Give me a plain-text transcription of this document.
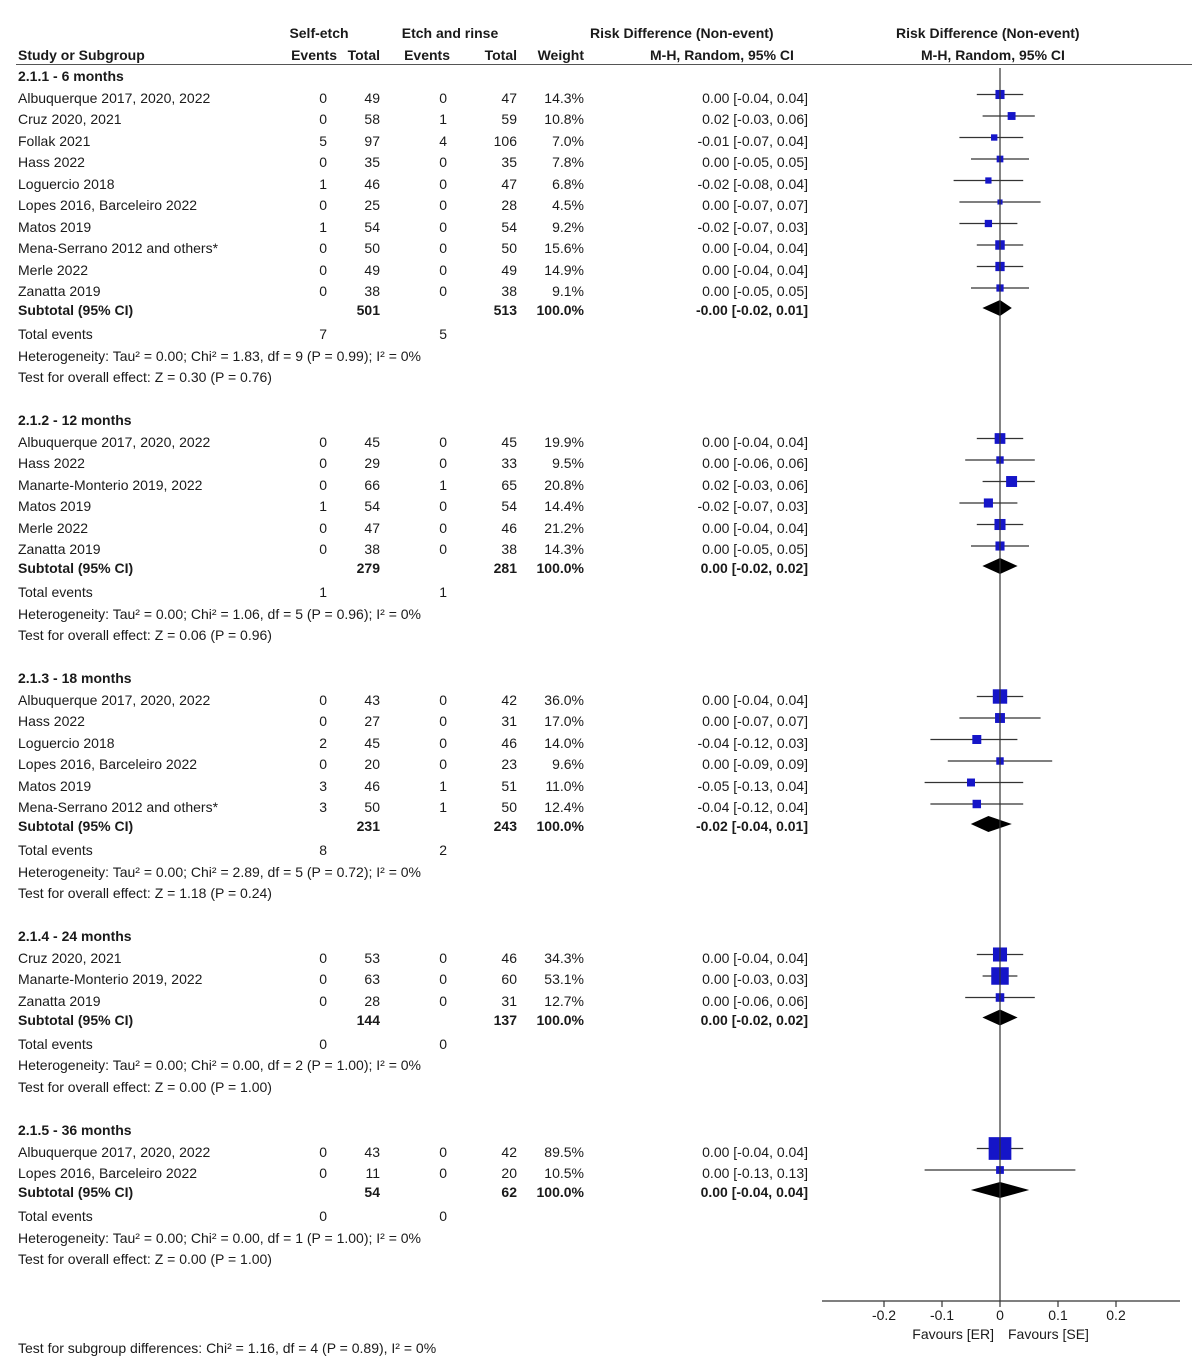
Self-etch	Etch and rinse	Risk Difference (Non-event)	Risk Difference (Non-event)
Study or Subgroup	Events Total	Events	Total	Weight	M-H, Random, 95% CI	M-H, Random, 95% CI
2.1.1 - 6 months
Albuquerque 2017, 2020, 2022	0	49	0	47	14.3%	0.00 [-0.04, 0.04]
Cruz 2020, 2021	0	58	1	59	10.8%	0.02 [-0.03, 0.06]
Follak 2021	5	97	4	106	7.0%	-0.01 [-0.07, 0.04]
Hass 2022	0	35	0	35	7.8%	0.00 [-0.05, 0.05]
Loguercio 2018	1	46	0	47	6.8%	-0.02 [-0.08, 0.04]
Lopes 2016, Barceleiro 2022	0	25	0	28	4.5%	0.00 [-0.07, 0.07]
Matos 2019	1	54	0	54	9.2%	-0.02 [-0.07, 0.03]
Mena-Serrano 2012 and others*	0	50	0	50	15.6%	0.00 [-0.04, 0.04]
Merle 2022	0	49	0	49	14.9%	0.00 [-0.04, 0.04]
Zanatta 2019	0	38	0	38	9.1%	0.00 [-0.05, 0.05]
Subtotal (95% CI)	501	513	100.0%	-0.00 [-0.02, 0.01]
Total events	7	5
Heterogeneity: Tau² = 0.00; Chi² = 1.83, df = 9 (P = 0.99); I² = 0%
Test for overall effect: Z = 0.30 (P = 0.76)
2.1.2 - 12 months
Albuquerque 2017, 2020, 2022	0	45	0	45	19.9%	0.00 [-0.04, 0.04]
Hass 2022	0	29	0	33	9.5%	0.00 [-0.06, 0.06]
Manarte-Monterio 2019, 2022	0	66	1	65	20.8%	0.02 [-0.03, 0.06]
Matos 2019	1	54	0	54	14.4%	-0.02 [-0.07, 0.03]
Merle 2022	0	47	0	46	21.2%	0.00 [-0.04, 0.04]
Zanatta 2019	0	38	0	38	14.3%	0.00 [-0.05, 0.05]
Subtotal (95% CI)	279	281	100.0%	0.00 [-0.02, 0.02]
Total events	1	1
Heterogeneity: Tau² = 0.00; Chi² = 1.06, df = 5 (P = 0.96); I² = 0%
Test for overall effect: Z = 0.06 (P = 0.96)
2.1.3 - 18 months
Albuquerque 2017, 2020, 2022	0	43	0	42	36.0%	0.00 [-0.04, 0.04]
Hass 2022	0	27	0	31	17.0%	0.00 [-0.07, 0.07]
Loguercio 2018	2	45	0	46	14.0%	-0.04 [-0.12, 0.03]
Lopes 2016, Barceleiro 2022	0	20	0	23	9.6%	0.00 [-0.09, 0.09]
Matos 2019	3	46	1	51	11.0%	-0.05 [-0.13, 0.04]
Mena-Serrano 2012 and others*	3	50	1	50	12.4%	-0.04 [-0.12, 0.04]
Subtotal (95% CI)	231	243	100.0%	-0.02 [-0.04, 0.01]
Total events	8	2
Heterogeneity: Tau² = 0.00; Chi² = 2.89, df = 5 (P = 0.72); I² = 0%
Test for overall effect: Z = 1.18 (P = 0.24)
2.1.4 - 24 months
Cruz 2020, 2021	0	53	0	46	34.3%	0.00 [-0.04, 0.04]
Manarte-Monterio 2019, 2022	0	63	0	60	53.1%	0.00 [-0.03, 0.03]
Zanatta 2019	0	28	0	31	12.7%	0.00 [-0.06, 0.06]
Subtotal (95% CI)	144	137	100.0%	0.00 [-0.02, 0.02]
Total events	0	0
Heterogeneity: Tau² = 0.00; Chi² = 0.00, df = 2 (P = 1.00); I² = 0%
Test for overall effect: Z = 0.00 (P = 1.00)
2.1.5 - 36 months
Albuquerque 2017, 2020, 2022	0	43	0	42	89.5%	0.00 [-0.04, 0.04]
Lopes 2016, Barceleiro 2022	0	11	0	20	10.5%	0.00 [-0.13, 0.13]
Subtotal (95% CI)	54	62	100.0%	0.00 [-0.04, 0.04]
Total events	0	0
Heterogeneity: Tau² = 0.00; Chi² = 0.00, df = 1 (P = 1.00); I² = 0%
Test for overall effect: Z = 0.00 (P = 1.00)
-0.2 -0.1	0	0.1	0.2
Favours [ER] Favours [SE]
Test for subgroup differences: Chi² = 1.16, df = 4 (P = 0.89), I² = 0%
